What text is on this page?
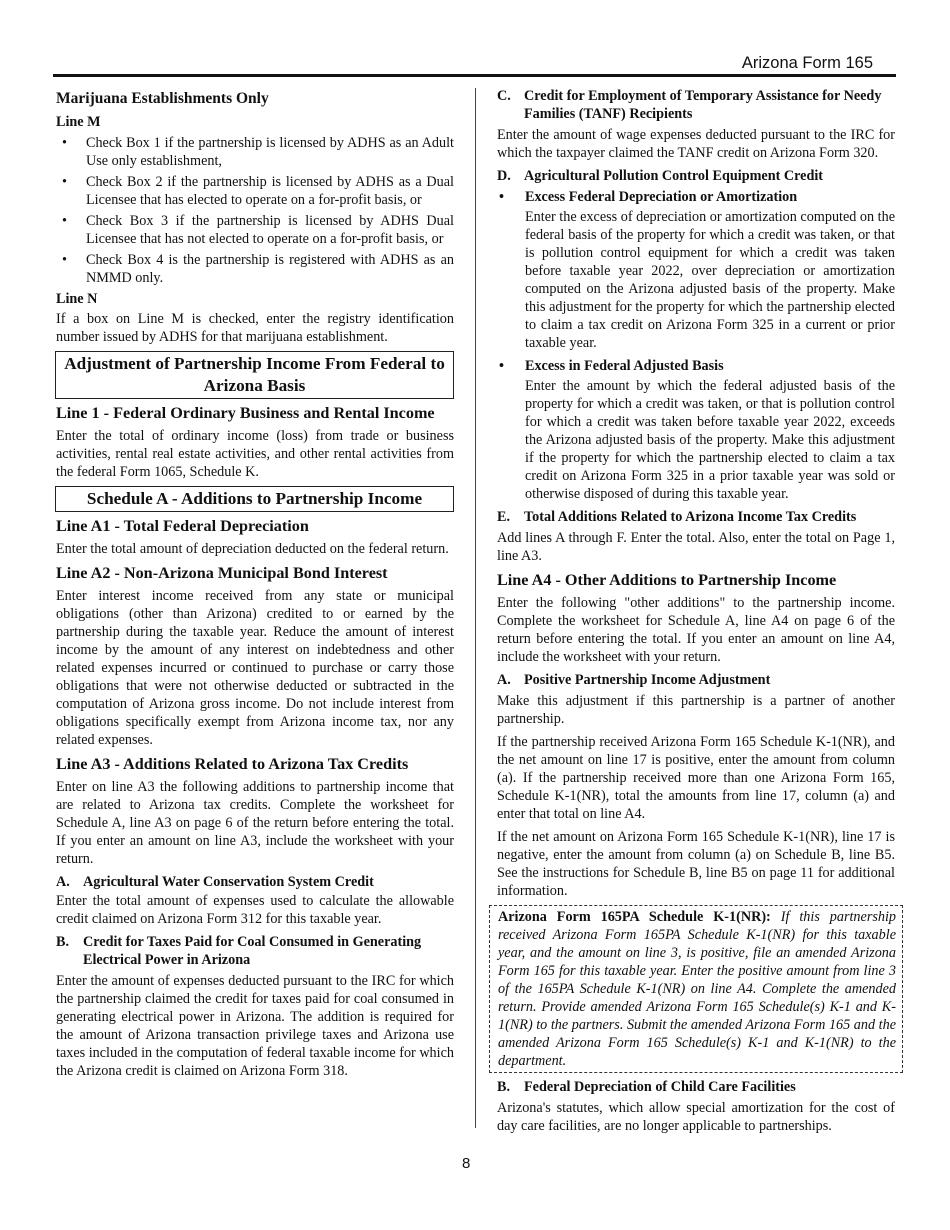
Arizona Form 165
Marijuana Establishments Only
Line M
•	Check Box 1 if the partnership is licensed by ADHS as an Adult Use only establishment,
•	Check Box 2 if the partnership is licensed by ADHS as a Dual Licensee that has elected to operate on a for-profit basis, or
•	Check Box 3 if the partnership is licensed by ADHS Dual Licensee that has not elected to operate on a for-profit basis, or
•	Check Box 4 is the partnership is registered with ADHS as an NMMD only.
Line N

If a box on Line M is checked, enter the registry identification number issued by ADHS for that marijuana establishment.

Adjustment of Partnership Income From Federal to Arizona Basis
Line 1 - Federal Ordinary Business and Rental Income

Enter the total of ordinary income (loss) from trade or business activities, rental real estate activities, and other rental activities from the federal Form 1065, Schedule K.

Schedule A - Additions to Partnership Income
Line A1 - Total Federal Depreciation

Enter the total amount of depreciation deducted on the federal return.

Line A2 - Non-Arizona Municipal Bond Interest

Enter interest income received from any state or municipal obligations (other than Arizona) credited to or earned by the partnership during the taxable year. Reduce the amount of interest income by the amount of any interest on indebtedness and other related expenses incurred or continued to purchase or carry those obligations that were not otherwise deducted or subtracted in the computation of Arizona gross income. Do not include interest from obligations specifically exempt from Arizona income tax, nor any related expenses.

Line A3 - Additions Related to Arizona Tax Credits

Enter on line A3 the following additions to partnership income that are related to Arizona tax credits. Complete the worksheet for Schedule A, line A3 on page 6 of the return before entering the total. If you enter an amount on line A3, include the worksheet with your return.

A. Agricultural Water Conservation System Credit

Enter the total amount of expenses used to calculate the allowable credit claimed on Arizona Form 312 for this taxable year.

B. Credit for Taxes Paid for Coal Consumed in Generating Electrical Power in Arizona

Enter the amount of expenses deducted pursuant to the IRC for which the partnership claimed the credit for taxes paid for coal consumed in generating electrical power in Arizona. The addition is required for the amount of Arizona transaction privilege taxes and Arizona use taxes included in the computation of federal taxable income for which the Arizona credit is claimed on Arizona Form 318.

C. Credit for Employment of Temporary Assistance for Needy Families (TANF) Recipients

Enter the amount of wage expenses deducted pursuant to the IRC for which the taxpayer claimed the TANF credit on Arizona Form 320.

D. Agricultural Pollution Control Equipment Credit
•	Excess Federal Depreciation or Amortization

Enter the excess of depreciation or amortization computed on the federal basis of the property for which a credit was taken, or that is pollution control equipment for which a credit was taken before taxable year 2022, over depreciation or amortization computed on the Arizona adjusted basis of the property. Make this adjustment for the property for which the partnership elected to claim a tax credit on Arizona Form 325 in a current or prior taxable year.

•	Excess in Federal Adjusted Basis

Enter the amount by which the federal adjusted basis of the property for which a credit was taken, or that is pollution control for which a credit was taken before taxable year 2022, exceeds the Arizona adjusted basis of the property. Make this adjustment if the property for which the partnership elected to claim a tax credit on Arizona Form 325 in a prior taxable year was sold or otherwise disposed of during this taxable year.

E. Total Additions Related to Arizona Income Tax Credits

Add lines A through F. Enter the total. Also, enter the total on Page 1, line A3.

Line A4 - Other Additions to Partnership Income

Enter the following "other additions" to the partnership income. Complete the worksheet for Schedule A, line A4 on page 6 of the return before entering the total. If you enter an amount on line A4, include the worksheet with your return.

A. Positive Partnership Income Adjustment

Make this adjustment if this partnership is a partner of another partnership.

If the partnership received Arizona Form 165 Schedule K-1(NR), and the net amount on line 17 is positive, enter the amount from column (a). If the partnership received more than one Arizona Form 165, Schedule K-1(NR), total the amounts from line 17, column (a) and enter that total on line A4.

If the net amount on Arizona Form 165 Schedule K-1(NR), line 17 is negative, enter the amount from column (a) on Schedule B, line B5. See the instructions for Schedule B, line B5 on page 11 for additional information.

Arizona Form 165PA Schedule K-1(NR): If this partnership received Arizona Form 165PA Schedule K-1(NR) for this taxable year, and the amount on line 3, is positive, file an amended Arizona Form 165 for this taxable year. Enter the positive amount from line 3 of the 165PA Schedule K-1(NR) on line A4. Complete the amended return. Provide amended Arizona Form 165 Schedule(s) K-1 and K-1(NR) to the partners. Submit the amended Arizona Form 165 and the amended Arizona Form 165 Schedule(s) K-1 and K-1(NR) to the department.
B. Federal Depreciation of Child Care Facilities

Arizona's statutes, which allow special amortization for the cost of day care facilities, are no longer applicable to partnerships.

8
